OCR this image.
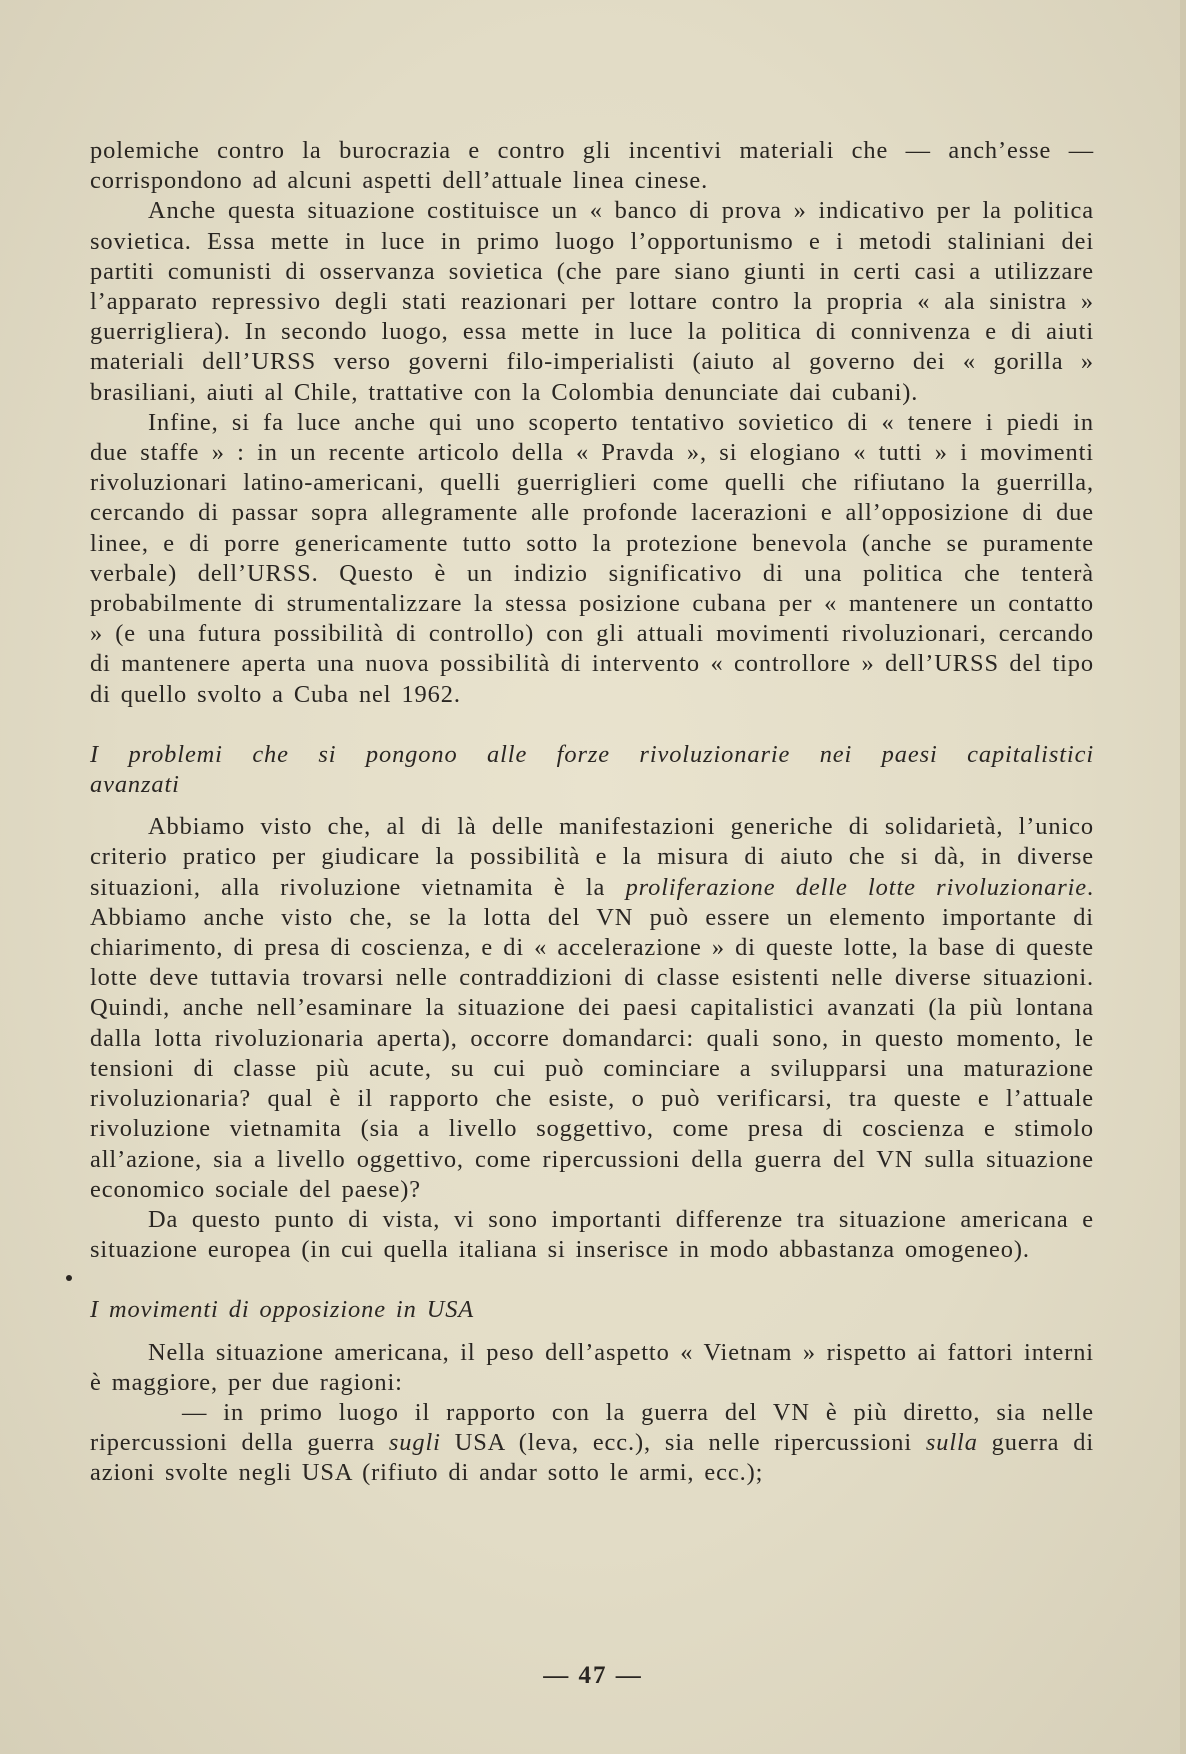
polemiche contro la burocrazia e contro gli incentivi materiali che — anch’esse — corrispondono ad alcuni aspetti dell’attuale linea cinese.

Anche questa situazione costituisce un « banco di prova » indicativo per la politica sovietica. Essa mette in luce in primo luogo l’opportunismo e i metodi staliniani dei partiti comunisti di osservanza sovietica (che pare siano giunti in certi casi a utilizzare l’apparato repressivo degli stati reazionari per lottare contro la propria « ala sinistra » guerrigliera). In secondo luogo, essa mette in luce la politica di connivenza e di aiuti materiali dell’URSS verso governi filo-imperialisti (aiuto al governo dei « gorilla » brasiliani, aiuti al Chile, trattative con la Colombia denunciate dai cubani).

Infine, si fa luce anche qui uno scoperto tentativo sovietico di « tenere i piedi in due staffe » : in un recente articolo della « Pravda », si elogiano « tutti » i movimenti rivoluzionari latino-americani, quelli guerriglieri come quelli che rifiutano la guerrilla, cercando di passar sopra allegramente alle profonde lacerazioni e all’opposizione di due linee, e di porre genericamente tutto sotto la protezione benevola (anche se puramente verbale) dell’URSS. Questo è un indizio significativo di una politica che tenterà probabilmente di strumentalizzare la stessa posizione cubana per « mantenere un contatto » (e una futura possibilità di controllo) con gli attuali movimenti rivoluzionari, cercando di mantenere aperta una nuova possibilità di intervento « controllore » dell’URSS del tipo di quello svolto a Cuba nel 1962.

I problemi che si pongono alle forze rivoluzionarie nei paesi capitalistici
avanzati

Abbiamo visto che, al di là delle manifestazioni generiche di solidarietà, l’unico criterio pratico per giudicare la possibilità e la misura di aiuto che si dà, in diverse situazioni, alla rivoluzione vietnamita è la proliferazione delle lotte rivoluzionarie. Abbiamo anche visto che, se la lotta del VN può essere un elemento importante di chiarimento, di presa di coscienza, e di « accelerazione » di queste lotte, la base di queste lotte deve tuttavia trovarsi nelle contraddizioni di classe esistenti nelle diverse situazioni. Quindi, anche nell’esaminare la situazione dei paesi capitalistici avanzati (la più lontana dalla lotta rivoluzionaria aperta), occorre domandarci: quali sono, in questo momento, le tensioni di classe più acute, su cui può cominciare a svilupparsi una maturazione rivoluzionaria? qual è il rapporto che esiste, o può verificarsi, tra queste e l’attuale rivoluzione vietnamita (sia a livello soggettivo, come presa di coscienza e stimolo all’azione, sia a livello oggettivo, come ripercussioni della guerra del VN sulla situazione economico sociale del paese)?

Da questo punto di vista, vi sono importanti differenze tra situazione americana e situazione europea (in cui quella italiana si inserisce in modo abbastanza omogeneo).

I movimenti di opposizione in USA

Nella situazione americana, il peso dell’aspetto « Vietnam » rispetto ai fattori interni è maggiore, per due ragioni:

— in primo luogo il rapporto con la guerra del VN è più diretto, sia nelle ripercussioni della guerra sugli USA (leva, ecc.), sia nelle ripercussioni sulla guerra di azioni svolte negli USA (rifiuto di andar sotto le armi, ecc.);

— 47 —
